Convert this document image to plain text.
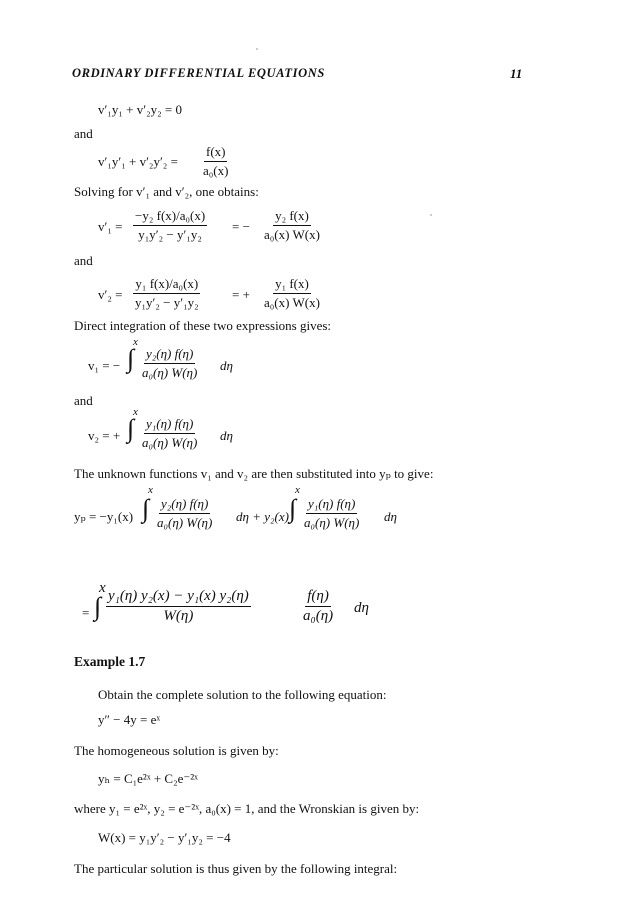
ORDINARY DIFFERENTIAL EQUATIONS	11
v′₁y₁ + v′₂y₂ = 0
and
$v'_1y'_1 + v'_2y'_2 = \frac{f(x)}{\text{a₀(x)}}$
Solving for v′₁ and v′₂, one obtains:
$v'_1 = \frac{\text{−y₂ f(x)/a₀(x)}}{\text{y₁y′₂ − y′₁y₂}}$ = − $\frac{\text{y₂ f(x)}}{\text{a₀(x) W(x)}}$
and
$v'_2 = \frac{\text{y₁ f(x)/a₀(x)}}{\text{y₁y′₂ − y′₁y₂}}$ = + $\frac{\text{y₁ f(x)}}{\text{a₀(x) W(x)}}$
Direct integration of these two expressions gives:
x
v₁ = − ∫ $\frac{\text{y₂(η) f(η)}}{\text{a₀(η) W(η)}}$ dη
and
x
v₂ = + ∫ $\frac{\text{y₁(η) f(η)}}{\text{a₀(η) W(η)}}$ dη
The unknown functions v₁ and v₂ are then substituted into yₚ to give:
x
yₚ = −y₁(x) ∫ $\frac{\text{y₂(η) f(η)}}{\text{a₀(η) W(η)}}$ dη + y₂(x)
x
∫ $\frac{\text{y₁(η) f(η)}}{\text{a₀(η) W(η)}}$ dη
x
= ∫ $\frac{\text{y₁(η) y₂(x) − y₁(x) y₂(η)}}{W(\eta)}$	$\frac{f(\eta)}{\text{a₀(η)}}$ dη
Example 1.7
Obtain the complete solution to the following equation:
y″ − 4y = eˣ
The homogeneous solution is given by:
yₕ = C₁e²ˣ + C₂e⁻²ˣ
where y₁ = e²ˣ, y₂ = e⁻²ˣ, a₀(x) = 1, and the Wronskian is given by:
W(x) = y₁y′₂ − y′₁y₂ = −4
The particular solution is thus given by the following integral:
